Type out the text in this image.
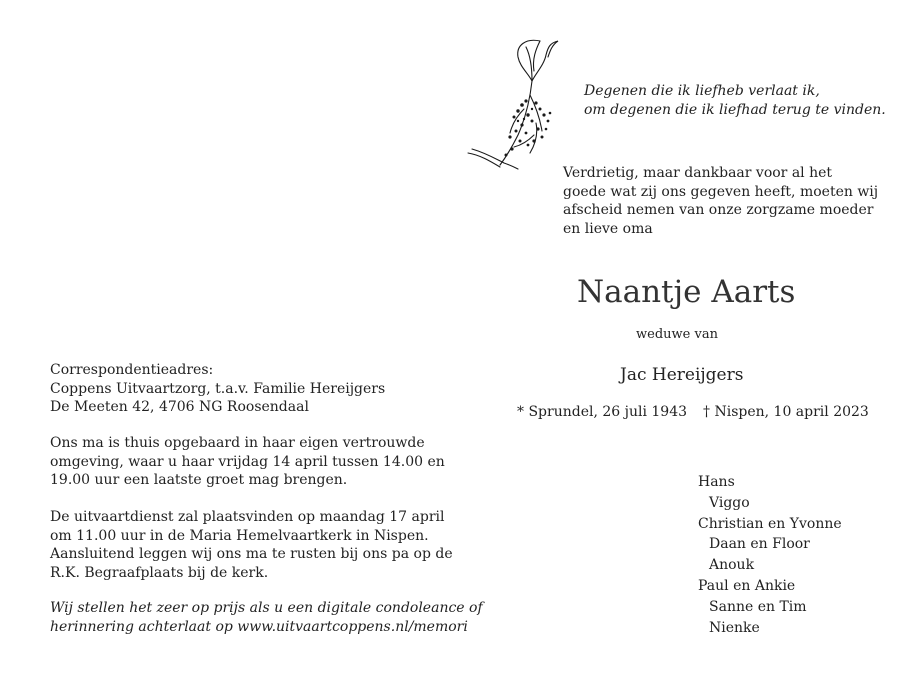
Degenen die ik liefheb verlaat ik,
om degenen die ik liefhad terug te vinden.
Verdrietig, maar dankbaar voor al het
goede wat zij ons gegeven heeft, moeten wij
afscheid nemen van onze zorgzame moeder
en lieve oma
Naantje Aarts
weduwe van
Jac Hereijgers
* Sprundel, 26 juli 1943 † Nispen, 10 april 2023
Hans
Viggo
Christian en Yvonne
Daan en Floor
Anouk
Paul en Ankie
Sanne en Tim
Nienke
Correspondentieadres:
Coppens Uitvaartzorg, t.a.v. Familie Hereijgers
De Meeten 42, 4706 NG Roosendaal
Ons ma is thuis opgebaard in haar eigen vertrouwde
omgeving, waar u haar vrijdag 14 april tussen 14.00 en
19.00 uur een laatste groet mag brengen.
De uitvaartdienst zal plaatsvinden op maandag 17 april
om 11.00 uur in de Maria Hemelvaartkerk in Nispen.
Aansluitend leggen wij ons ma te rusten bij ons pa op de
R.K. Begraafplaats bij de kerk.
Wij stellen het zeer op prijs als u een digitale condoleance of
herinnering achterlaat op www.uitvaartcoppens.nl/memori
